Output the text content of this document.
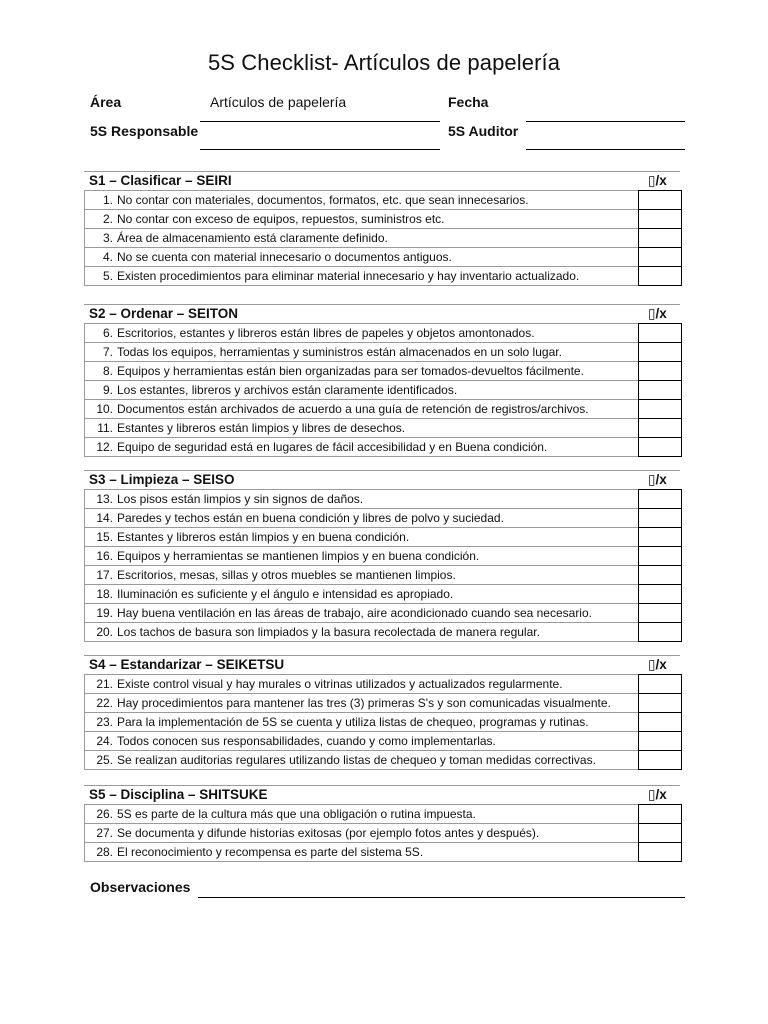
5S Checklist- Artículos de papelería
Área	Artículos de papelería	Fecha
5S Responsable	5S Auditor
S1 – Clasificar – SEIRI	▯/x
1. No contar con materiales, documentos, formatos, etc. que sean innecesarios.
2. No contar con exceso de equipos, repuestos, suministros etc.
3. Área de almacenamiento está claramente definido.
4. No se cuenta con material innecesario o documentos antiguos.
5. Existen procedimientos para eliminar material innecesario y hay inventario actualizado.
S2 – Ordenar – SEITON	▯/x
6. Escritorios, estantes y libreros están libres de papeles y objetos amontonados.
7. Todas los equipos, herramientas y suministros están almacenados en un solo lugar.
8. Equipos y herramientas están bien organizadas para ser tomados-devueltos fácilmente.
9. Los estantes, libreros y archivos están claramente identificados.
10. Documentos están archivados de acuerdo a una guía de retención de registros/archivos.
11. Estantes y libreros están limpios y libres de desechos.
12. Equipo de seguridad está en lugares de fácil accesibilidad y en Buena condición.
S3 – Limpieza – SEISO	▯/x
13. Los pisos están limpios y sin signos de daños.
14. Paredes y techos están en buena condición y libres de polvo y suciedad.
15. Estantes y libreros están limpios y en buena condición.
16. Equipos y herramientas se mantienen limpios y en buena condición.
17. Escritorios, mesas, sillas y otros muebles se mantienen limpios.
18. Iluminación es suficiente y el ángulo e intensidad es apropiado.
19. Hay buena ventilación en las áreas de trabajo, aire acondicionado cuando sea necesario.
20. Los tachos de basura son limpiados y la basura recolectada de manera regular.
S4 – Estandarizar – SEIKETSU	▯/x
21. Existe control visual y hay murales o vitrinas utilizados y actualizados regularmente.
22. Hay procedimientos para mantener las tres (3) primeras S's y son comunicadas visualmente.
23. Para la implementación de 5S se cuenta y utiliza listas de chequeo, programas y rutinas.
24. Todos conocen sus responsabilidades, cuando y como implementarlas.
25. Se realizan auditorias regulares utilizando listas de chequeo y toman medidas correctivas.
S5 – Disciplina – SHITSUKE	▯/x
26. 5S es parte de la cultura más que una obligación o rutina impuesta.
27. Se documenta y difunde historias exitosas (por ejemplo fotos antes y después).
28. El reconocimiento y recompensa es parte del sistema 5S.
Observaciones
